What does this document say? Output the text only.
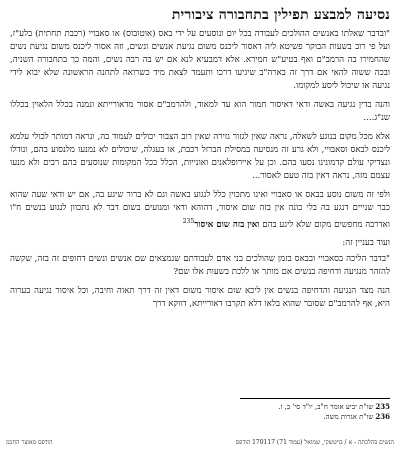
נסיעה למבצע תפילין בתחבורה ציבורית

"ובדבר שאלתו באנשים ההולכים לעבודה בכל יום ונוסעים על ידי באס (אוטובוס) או סאבויי (רכבת תחתית) בלע"ז, ועל פי רוב בשעות הבוקר פשיטא ליה דאסור ליכנס משום נגיעת אנשים ונשים, וזה אסור ליכנס משום נגיעת נשים שהחמירו בה הרמב"ם ואף בטיע"ש חמירא. אלא דמבעיא לנא אם יש בה רבה נשים, והמה כך בתחבורה השניה, ובכה ששוה להאי אם דרך זה בארה"ב שיגיעו דרכו ותעמד לצאת מיד כשרואה לתחנה הראשונה שלא יבוא לידי נגיעה או שיכול ליסע למקומו.

והנה בדין נגיעה באשה ודאי דאיסור חמור הוא עד למאוד, ולהרמב"ם אסור מדאורייתא ונמנה בכלל הלאוין בכללו שנ"ג....

אלא מכל מקום בנוגע לשאלה, נראה שאין לגזור גזירה שאין רוב הצבור יכולים לעמוד בה, ונראה דמותר לכולי עלמא ליכנס לבאס וסאבויי, ולא גרע זה מנסיעה במסילת הברזל רכבת, או בעגלה, שיכולים לא נמנעו מלנסוע בהם, ונודלו ונצדיקי עולם קדמונינו נסעו בהם. וכן על איירופלאנים ואונייות, הכלל בכל המקומות שנוסעים בהם רבים ולא מנעו עצמם מזה, נראה דאין בזה טעם לאסור...

ולפי זה משום נוסע בבאס או סאבויי ואינו מתכוין כלל לנגוע באשה וגם לא ברור שיגע בה, אם יש ודאי שעה שהוא כבר שנייים דנגע בה בלי כונה אין בזה שום איסור, דהוהא ודאי ומנועים בשום דבר לא נתכוון לנגוע בנשים ח"ו ואדרבה מחפשים מקום שלא ליגע בהם ואין בזה שום איסור$^{235}$

ועוד בעניין זה:

"בדבר הליכה בסאבויי ובבאס בזמן שהולכים בני אדם לעבודתם שנמצאים שם אנשים ונשים דחופים זה בזה, שקשה להזהר מנגיעה ודחיפה בנשים אם מותר או ללכת בשעות אלו שם?

הנה מצד הנגיעה והדחיפה בנשים אין ליכא שום איסור משום דאין זה דרך תאוה וחיבה, וכל איסור נגיעה בערוה היא, אף להרמב"ם שסובר שהוא בלאו דלא תקרבו דאורייתא, דווקא דרך

235שו"ת יביע אומר ח"ב, יו"ד סי' ב, ז.

236שו"ת אגרות משה.

הנשים בהלכתה - א / בויטשקי, שמואל (עמוד 71) 170117 הודפס
הודפס מאוצר החכמ
